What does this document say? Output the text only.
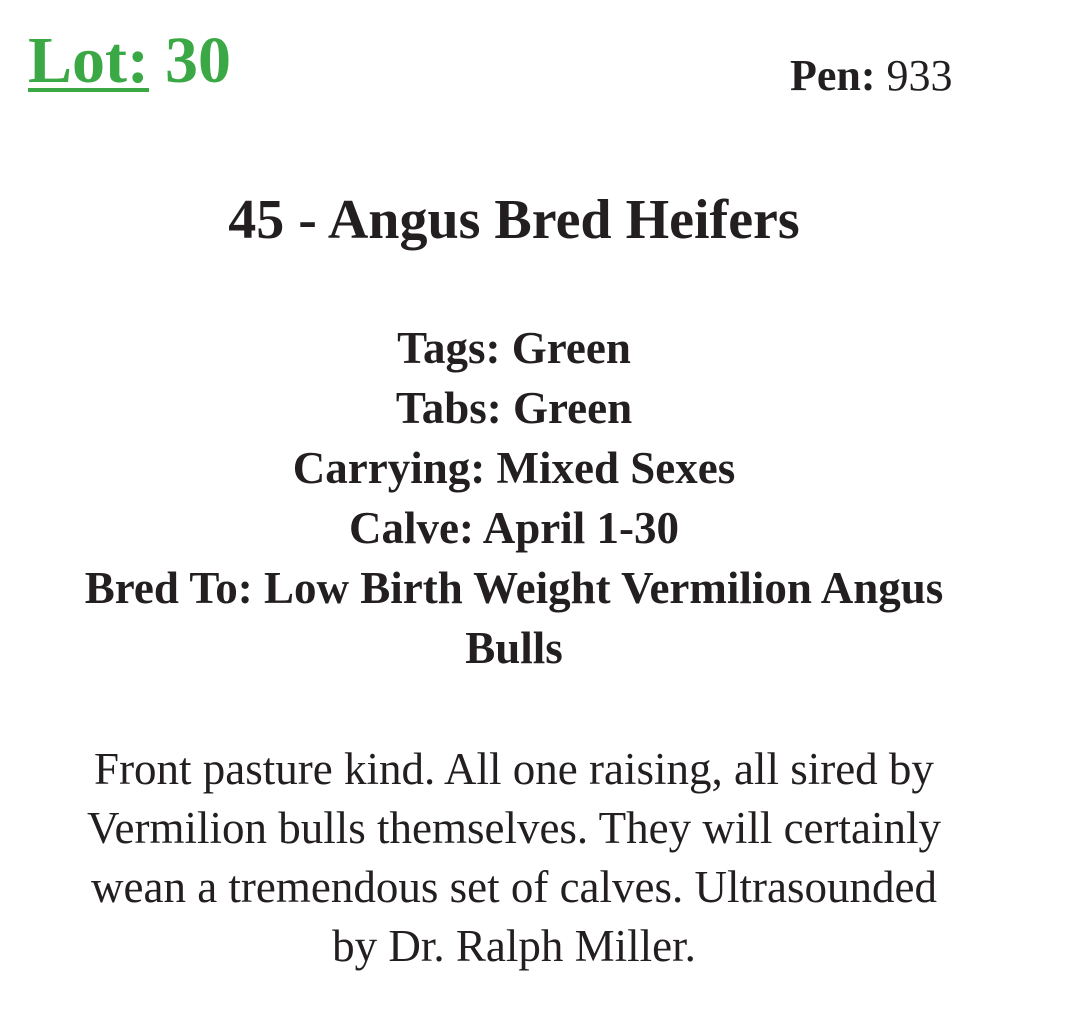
Lot: 30	Pen: 933
45 - Angus Bred Heifers
Tags: Green
Tabs: Green
Carrying: Mixed Sexes
Calve: April 1-30
Bred To: Low Birth Weight Vermilion Angus
Bulls
Front pasture kind. All one raising, all sired by
Vermilion bulls themselves. They will certainly
wean a tremendous set of calves. Ultrasounded
by Dr. Ralph Miller.
